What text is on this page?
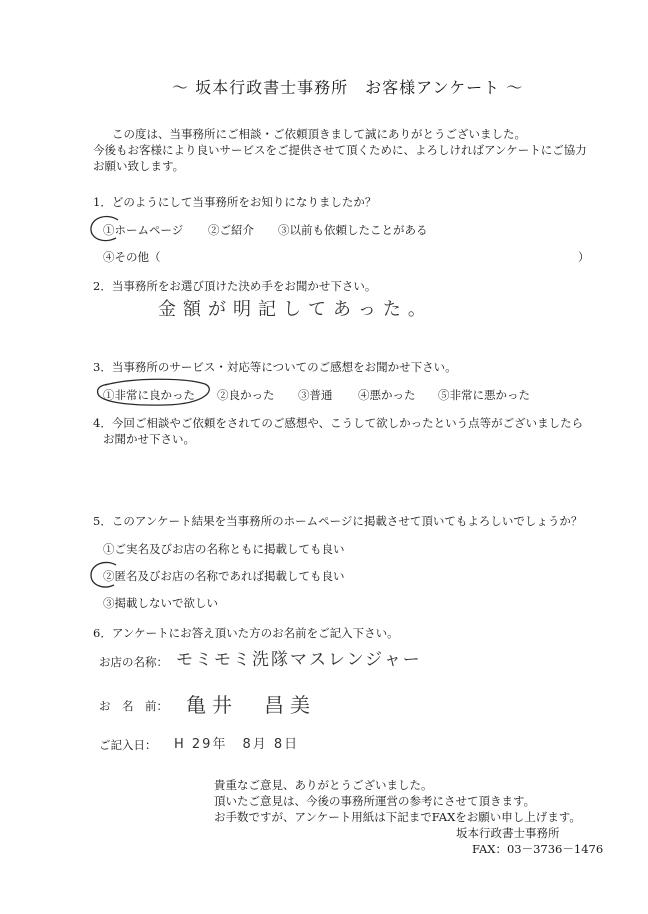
～ 坂本行政書士事務所　お客様アンケート ～
この度は、当事務所にご相談・ご依頼頂きまして誠にありがとうございました。
今後もお客様により良いサービスをご提供させて頂くために、よろしければアンケートにご協力
お願い致します。
1．どのようにして当事務所をお知りになりましたか？
①ホームページ ②ご紹介 ③以前も依頼したことがある
④その他（	）
2．当事務所をお選び頂けた決め手をお聞かせ下さい。
金額が明記してあった。
3．当事務所のサービス・対応等についてのご感想をお聞かせ下さい。
①非常に良かった ②良かった ③普通 ④悪かった ⑤非常に悪かった
4．今回ご相談やご依頼をされてのご感想や、こうして欲しかったという点等がございましたら
お聞かせ下さい。
5．このアンケート結果を当事務所のホームページに掲載させて頂いてもよろしいでしょうか？
①ご実名及びお店の名称ともに掲載しても良い
②匿名及びお店の名称であれば掲載しても良い
③掲載しないで欲しい
6．アンケートにお答え頂いた方のお名前をご記入下さい。
お店の名称： モミモミ洗隊マスレンジャー
お　名　前： 亀井　昌美
ご記入日： H 29年　8月 8日
貴重なご意見、ありがとうございました。
頂いたご意見は、今後の事務所運営の参考にさせて頂きます。
お手数ですが、アンケート用紙は下記までFAXをお願い申し上げます。
坂本行政書士事務所
FAX：03－3736－1476
